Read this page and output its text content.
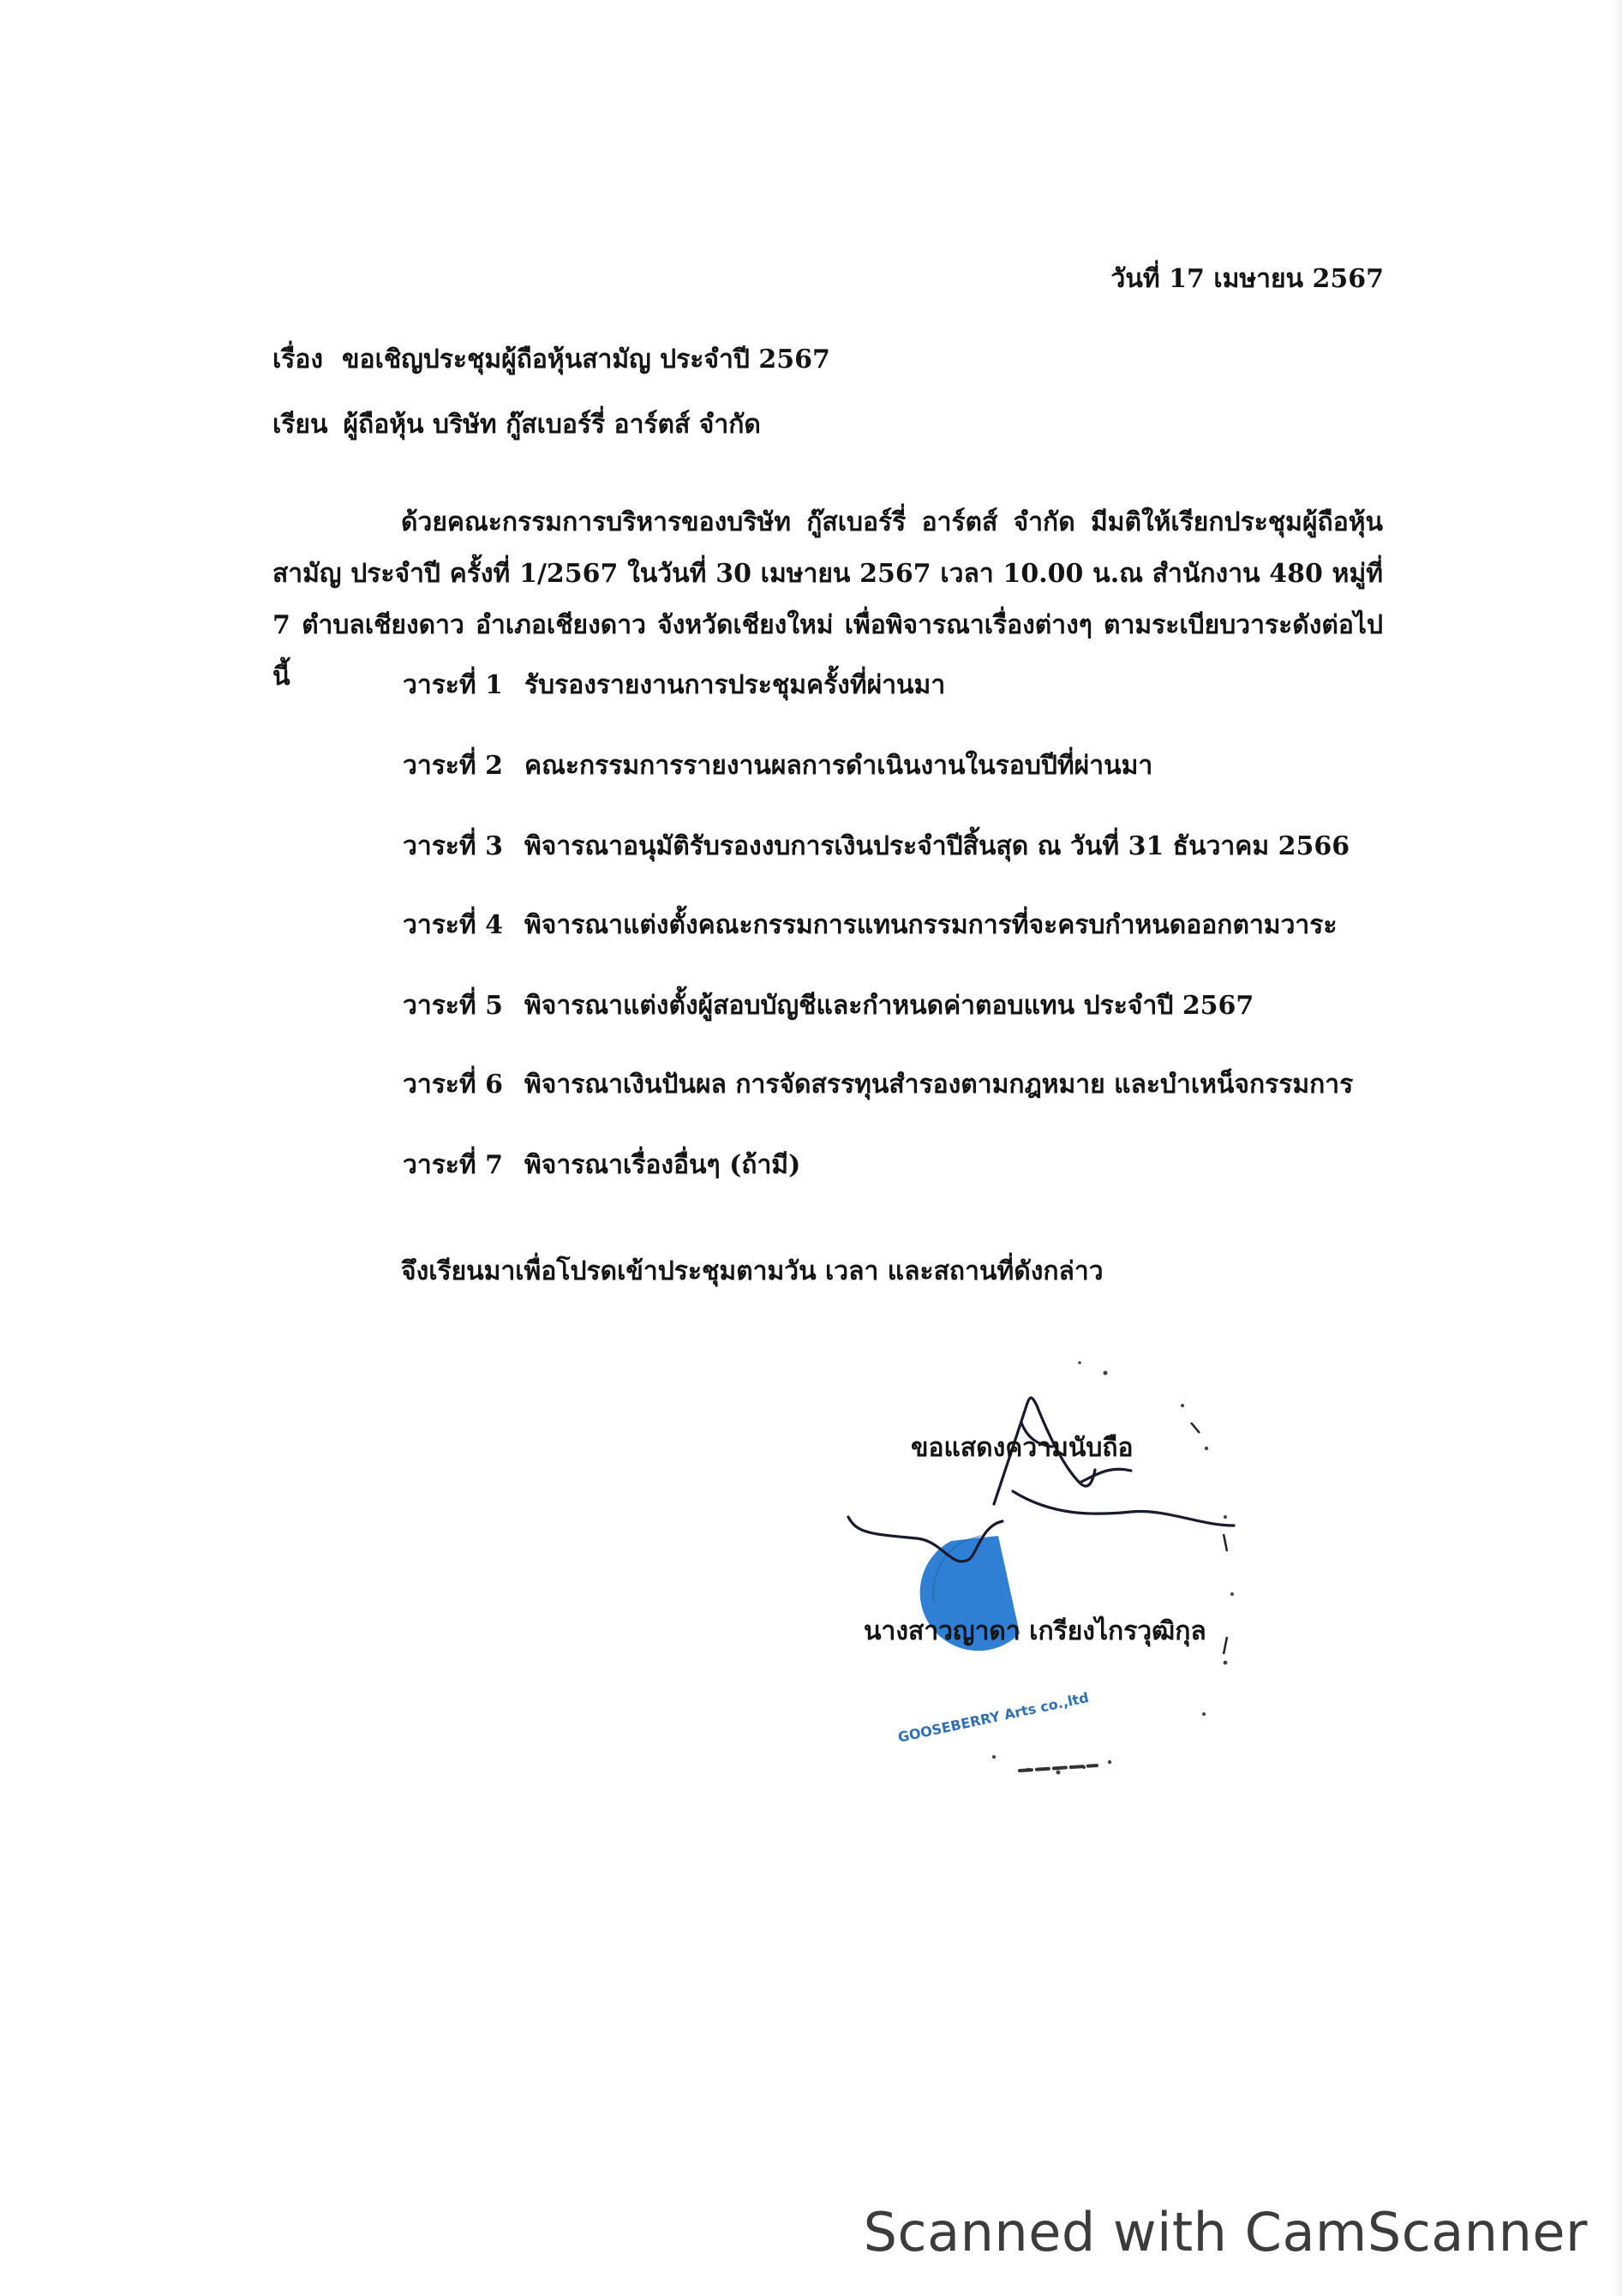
วันที่ 17 เมษายน 2567
เรื่อง ขอเชิญประชุมผู้ถือหุ้นสามัญ ประจำปี 2567
เรียน ผู้ถือหุ้น บริษัท กู๊สเบอร์รี่ อาร์ตส์ จำกัด
ด้วยคณะกรรมการบริหารของบริษัท กู๊สเบอร์รี่ อาร์ตส์ จำกัด มีมติให้เรียกประชุมผู้ถือหุ้นสามัญ ประจำปี ครั้งที่ 1/2567 ในวันที่ 30 เมษายน 2567 เวลา 10.00 น.ณ สำนักงาน 480 หมู่ที่ 7 ตำบลเชียงดาว อำเภอเชียงดาว จังหวัดเชียงใหม่ เพื่อพิจารณาเรื่องต่างๆ ตามระเบียบวาระดังต่อไปนี้	วาระที่ 1 รับรองรายงานการประชุมครั้งที่ผ่านมา
วาระที่ 2 คณะกรรมการรายงานผลการดำเนินงานในรอบปีที่ผ่านมา
วาระที่ 3 พิจารณาอนุมัติรับรองงบการเงินประจำปีสิ้นสุด ณ วันที่ 31 ธันวาคม 2566
วาระที่ 4 พิจารณาแต่งตั้งคณะกรรมการแทนกรรมการที่จะครบกำหนดออกตามวาระ
วาระที่ 5 พิจารณาแต่งตั้งผู้สอบบัญชีและกำหนดค่าตอบแทน ประจำปี 2567
วาระที่ 6 พิจารณาเงินปันผล การจัดสรรทุนสำรองตามกฎหมาย และบำเหน็จกรรมการ
วาระที่ 7 พิจารณาเรื่องอื่นๆ (ถ้ามี)
จึงเรียนมาเพื่อโปรดเข้าประชุมตามวัน เวลา และสถานที่ดังกล่าว
GOOSEBERRY Arts co.,ltd
ขอแสดงความนับถือ
นางสาวญาดา เกรียงไกรวุฒิกุล
Scanned with CamScanner
